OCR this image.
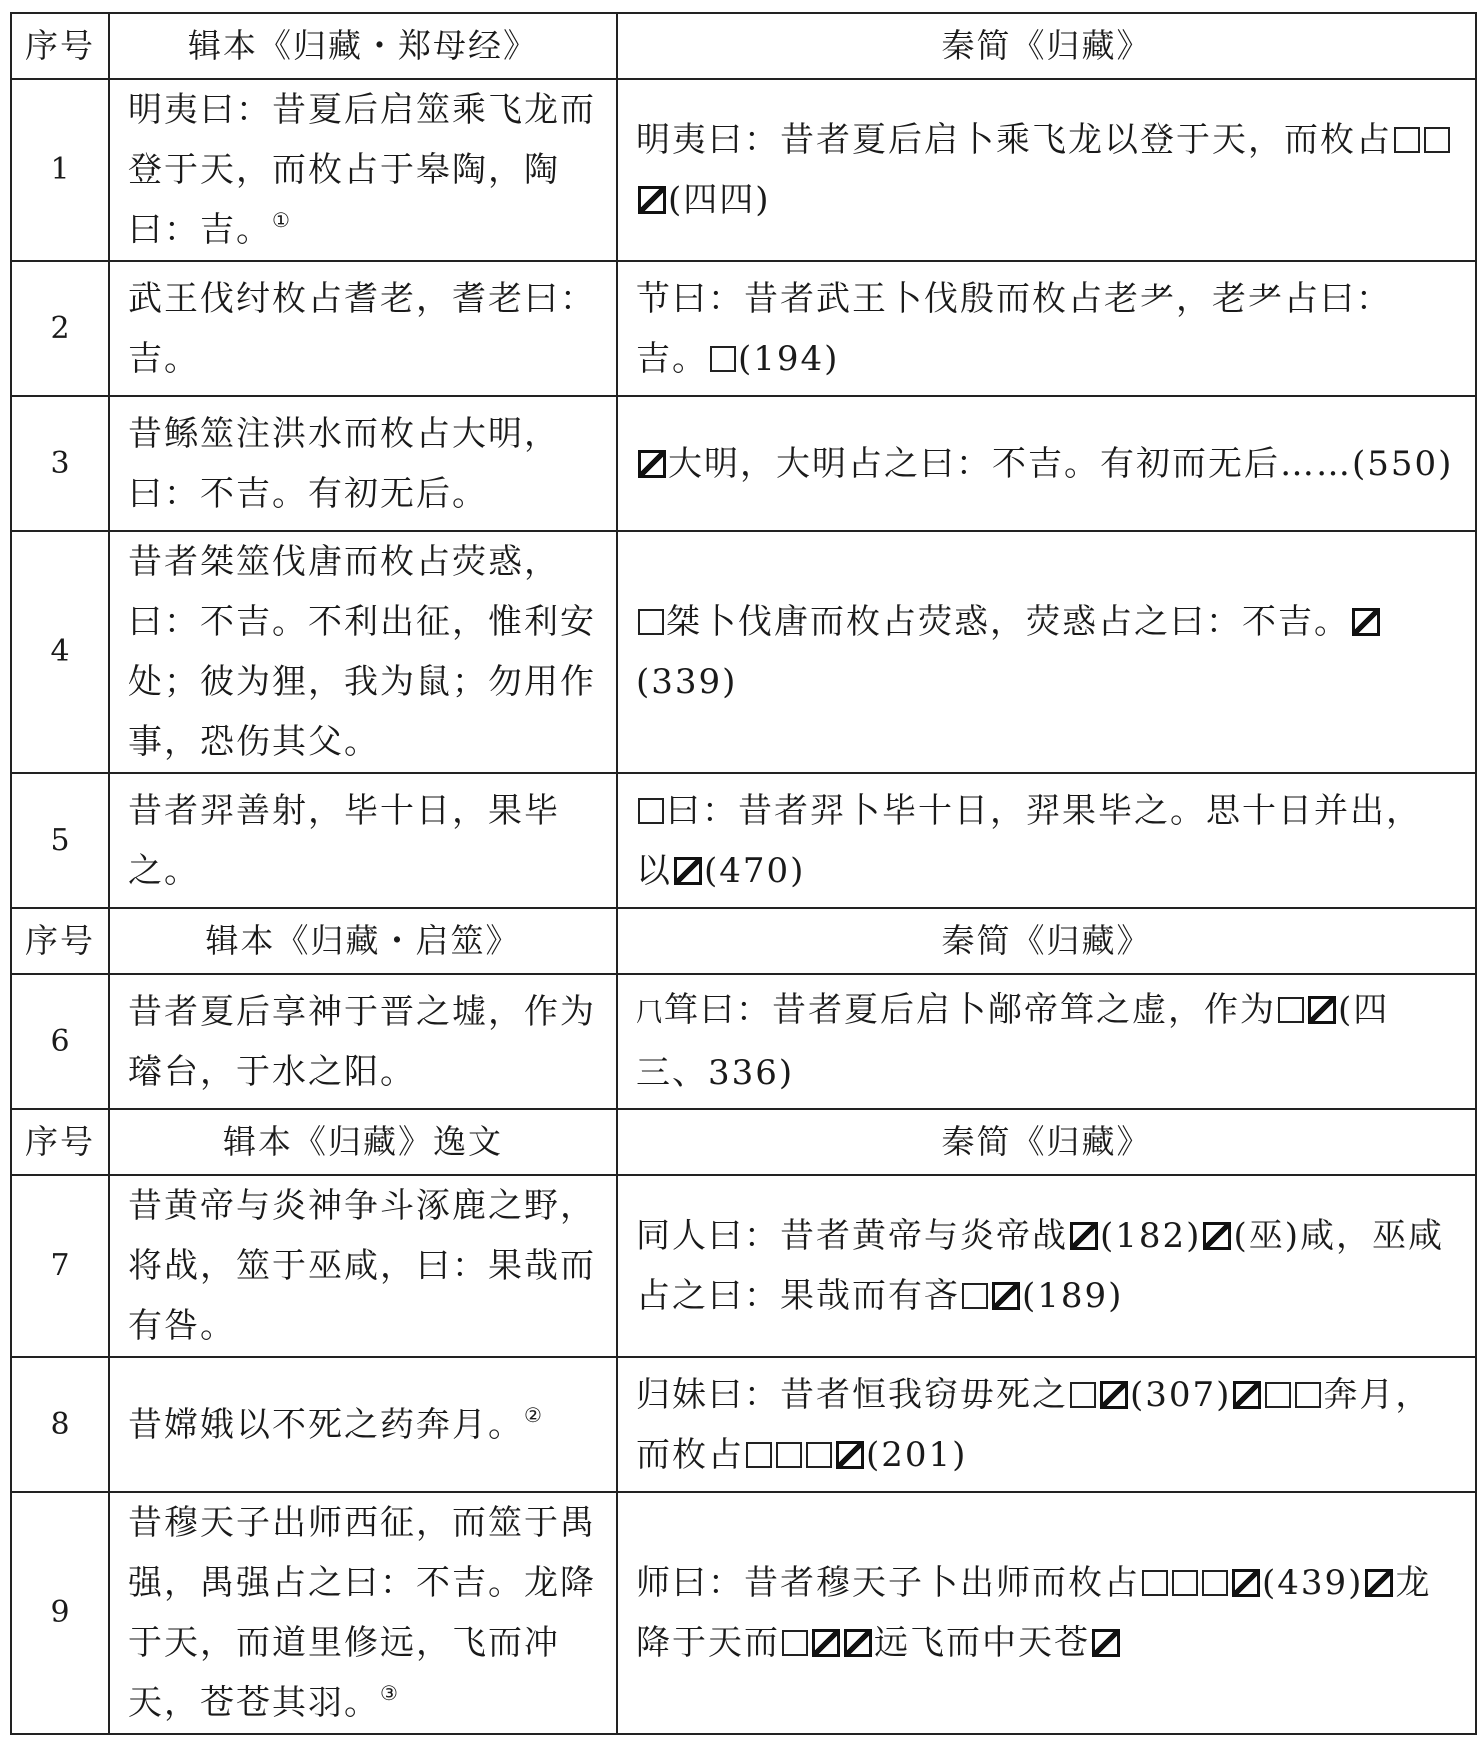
序号	辑本《归藏・郑母经》	秦简《归藏》
1	明夷曰：昔夏后启筮乘飞龙而登于天，而枚占于皋陶，陶曰：吉。①	明夷曰：昔者夏后启卜乘飞龙以登于天，而枚占(四四)
2	武王伐纣枚占耆老，耆老曰：吉。	节曰：昔者武王卜伐殷而枚占老耂，老耂占曰：吉。 (194)
3	昔鲧筮注洪水而枚占大明，曰：不吉。有初无后。	大明，大明占之曰：不吉。有初而无后……(550)
4	昔者桀筮伐唐而枚占荧惑，曰：不吉。不利出征，惟利安处；彼为狸，我为鼠；勿用作事，恐伤其父。	桀卜伐唐而枚占荧惑，荧惑占之曰：不吉。(339)
5	昔者羿善射，毕十日，果毕之。	曰：昔者羿卜毕十日，羿果毕之。思十日并出，以 (470)
序号	辑本《归藏・启筮》	秦简《归藏》
6	昔者夏后享神于晋之墟，作为璿台，于水之阳。	⺇䇯曰：昔者夏后启卜䣊帝䇯之虚，作为 (四三、336)
序号	辑本《归藏》逸文	秦简《归藏》
7	昔黄帝与炎神争斗涿鹿之野，将战，筮于巫咸，曰：果哉而有咎。	同人曰：昔者黄帝与炎帝战 (182) (巫)咸，巫咸占之曰：果哉而有吝 (189)
8	昔嫦娥以不死之药奔月。②	归妹曰：昔者恒我窃毋死之 (307) 奔月，而枚占 (201)
9	昔穆天子出师西征，而筮于禺强，禺强占之曰：不吉。龙降于天，而道里修远，飞而冲天，苍苍其羽。③	师曰：昔者穆天子卜出师而枚占 (439) 龙降于天而 远飞而中天苍
